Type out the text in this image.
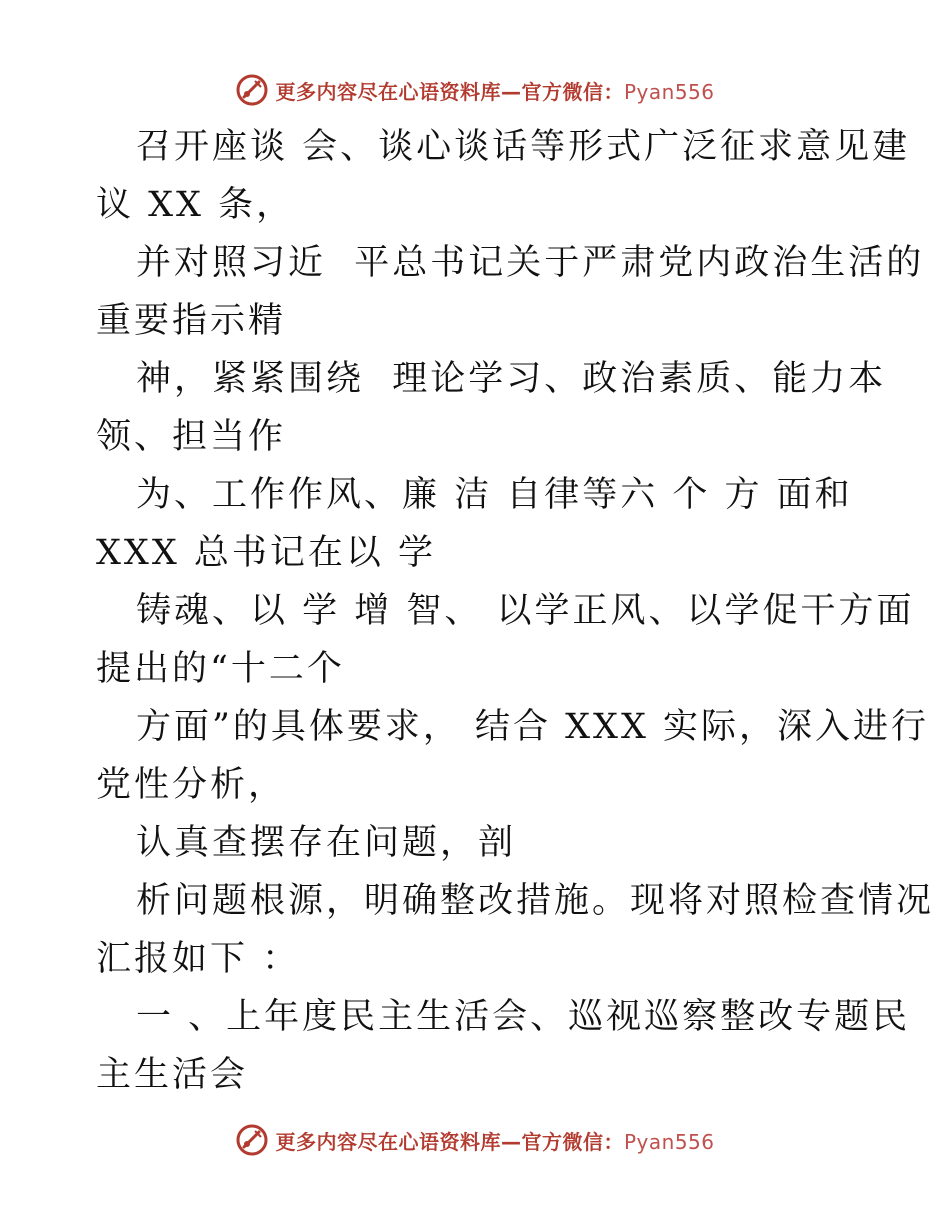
更多内容尽在心语资料库—官方微信：Pyan556
召开座谈 会、谈心谈话等形式广泛征求意见建
议 XX 条，
并对照习近  平总书记关于严肃党内政治生活的
重要指示精
神，紧紧围绕  理论学习、政治素质、能力本
领、担当作
为、工作作风、廉 洁 自律等六 个 方 面和
XXX 总书记在以 学
铸魂、以 学 增 智、 以学正风、以学促干方面
提出的“十二个
方面”的具体要求， 结合 XXX 实际，深入进行
党性分析，
认真查摆存在问题，剖
析问题根源，明确整改措施。现将对照检查情况
汇报如下 ：
一 、上年度民主生活会、巡视巡察整改专题民
主生活会
更多内容尽在心语资料库—官方微信：Pyan556
